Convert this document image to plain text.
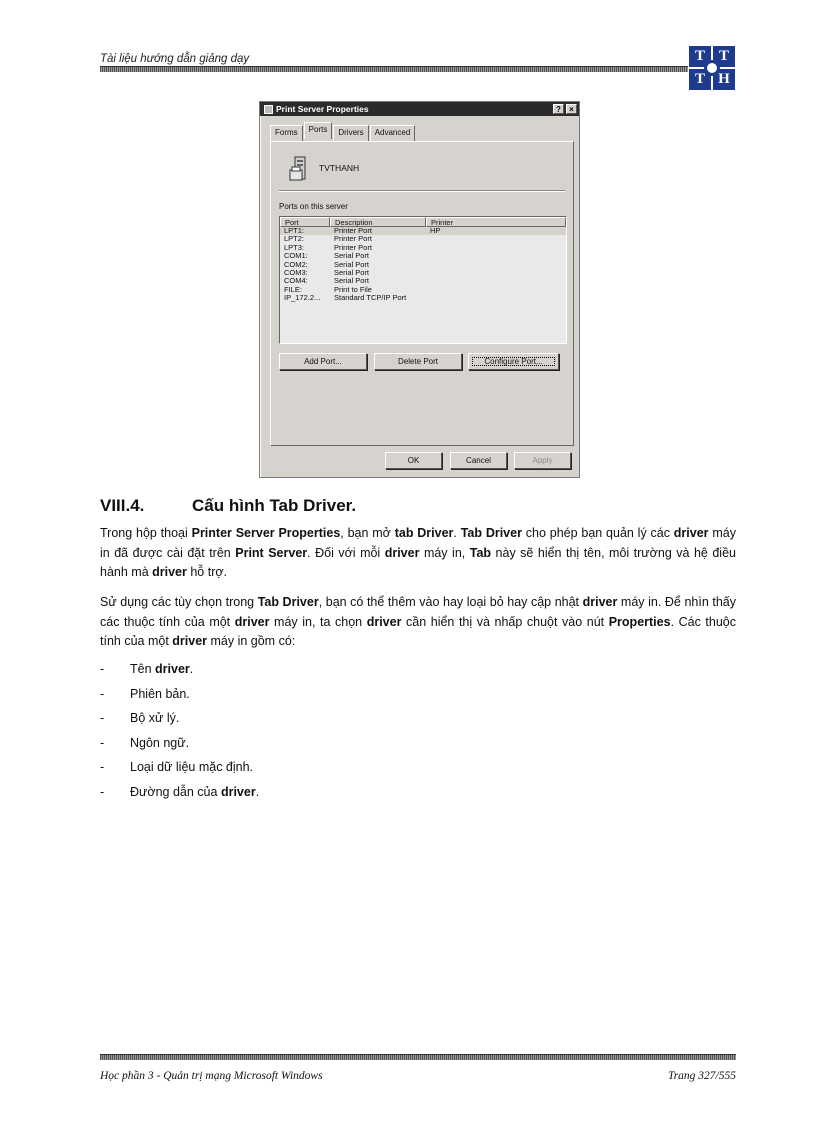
Tài liệu hướng dẫn giảng dạy	T T
T H
Print Server Properties	?	×
Forms	Ports	Drivers	Advanced
TVTHANH
Ports on this server
Port	Description	Printer
LPT1:	Printer Port	HP
LPT2:	Printer Port
LPT3:	Printer Port
COM1:	Serial Port
COM2:	Serial Port
COM3:	Serial Port
COM4:	Serial Port
FILE:	Print to File
IP_172.2...	Standard TCP/IP Port
Add Port...	Delete Port	Configure Port...
OK	Cancel	Apply
VIII.4.	Cấu hình Tab Driver.
Trong hộp thoại Printer Server Properties, bạn mở tab Driver. Tab Driver cho phép bạn quản lý các driver máy in đã được cài đặt trên Print Server. Đối với mỗi driver máy in, Tab này sẽ hiển thị tên, môi trường và hệ điều hành mà driver hỗ trợ.
Sử dụng các tùy chọn trong Tab Driver, bạn có thể thêm vào hay loại bỏ hay cập nhật driver máy in. Để nhìn thấy các thuộc tính của một driver máy in, ta chọn driver cần hiển thị và nhấp chuột vào nút Properties. Các thuộc tính của một driver máy in gồm có:
-	Tên driver.
-	Phiên bản.
-	Bộ xử lý.
-	Ngôn ngữ.
-	Loại dữ liệu mặc định.
-	Đường dẫn của driver.
Học phần 3 - Quản trị mạng Microsoft Windows	Trang 327/555
